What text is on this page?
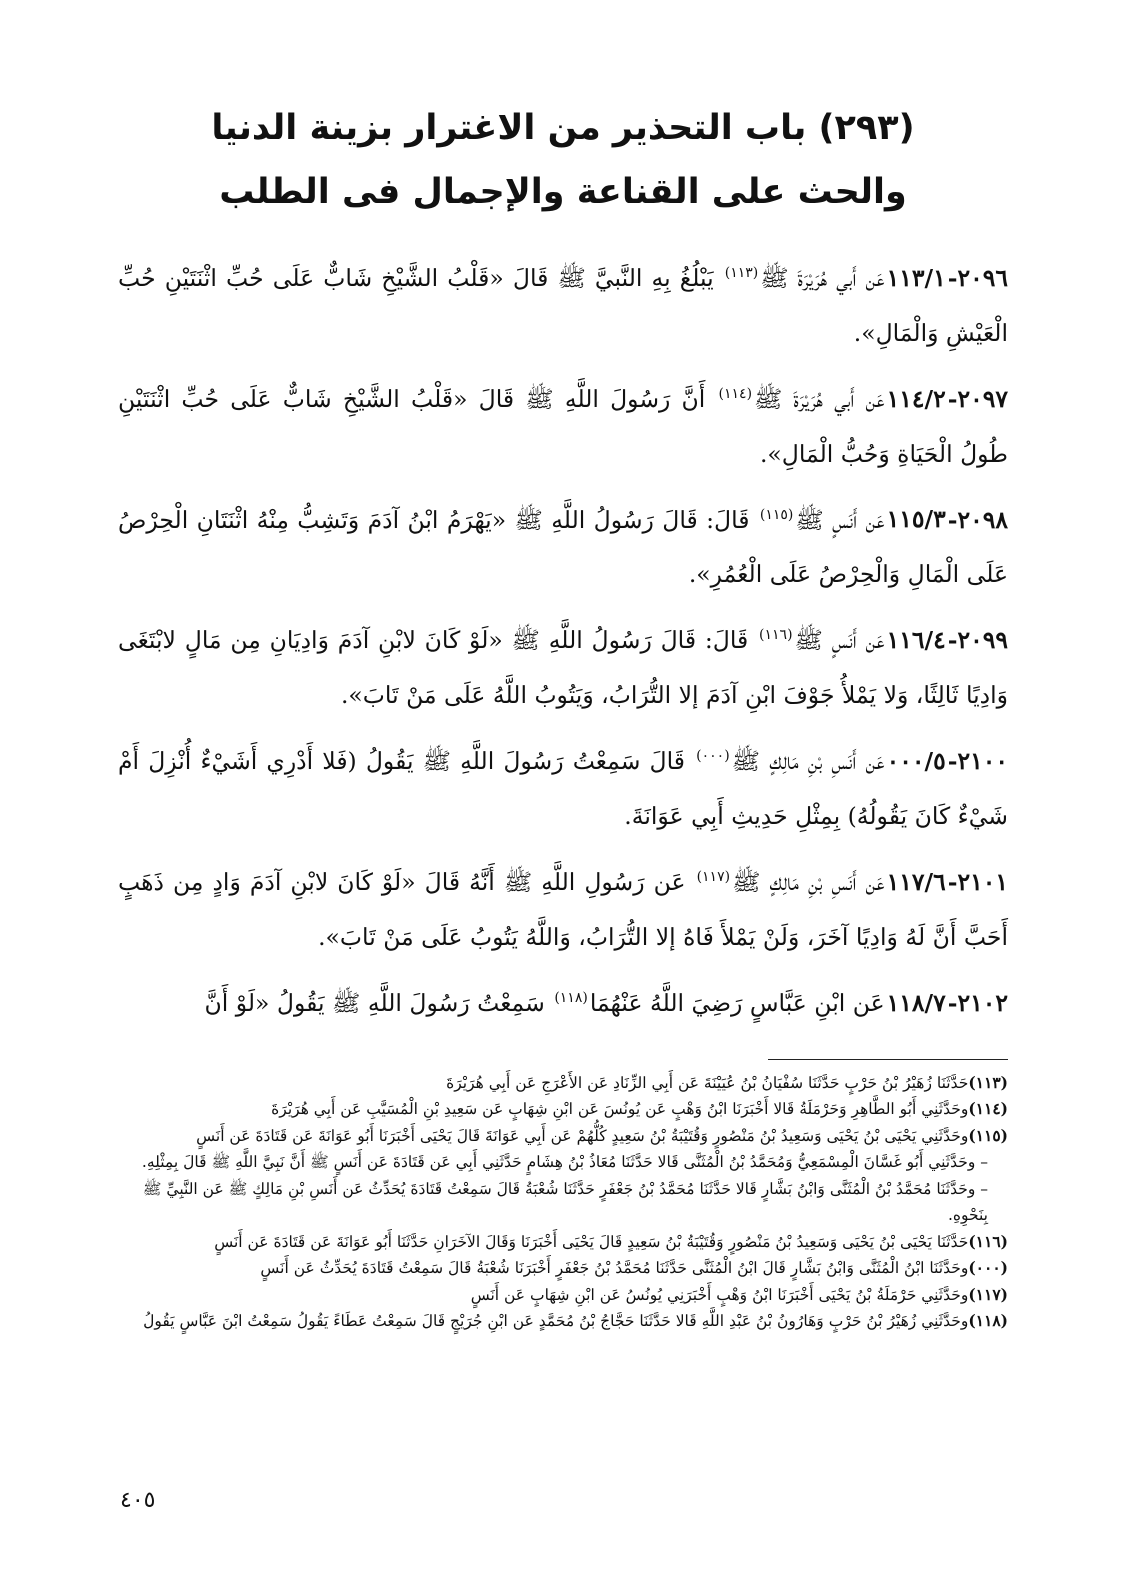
(٢٩٣) باب التحذير من الاغترار بزينة الدنيا
والحث على القناعة والإجمال فى الطلب

٢٠٩٦-١١٣/١عَن أَبي هُرَيْرَةَ ﷺ$^{(١١٣)}$ يَبْلُغُ بِهِ النَّبيَّ ﷺ قَالَ «قَلْبُ الشَّيْخِ شَابٌّ عَلَى حُبِّ اثْنَتَيْنِ حُبِّ الْعَيْشِ وَالْمَالِ».

٢٠٩٧-١١٤/٢عَن أَبي هُرَيْرَةَ ﷺ$^{(١١٤)}$ أَنَّ رَسُولَ اللَّهِ ﷺ قَالَ «قَلْبُ الشَّيْخِ شَابٌّ عَلَى حُبِّ اثْنَتَيْنِ طُولُ الْحَيَاةِ وَحُبُّ الْمَالِ».

٢٠٩٨-١١٥/٣عَن أَنَسٍ ﷺ$^{(١١٥)}$ قَالَ: قَالَ رَسُولُ اللَّهِ ﷺ «يَهْرَمُ ابْنُ آدَمَ وَتَشِبُّ مِنْهُ اثْنَتَانِ الْحِرْصُ عَلَى الْمَالِ وَالْحِرْصُ عَلَى الْعُمُرِ».

٢٠٩٩-١١٦/٤عَن أَنَسٍ ﷺ$^{(١١٦)}$ قَالَ: قَالَ رَسُولُ اللَّهِ ﷺ «لَوْ كَانَ لابْنِ آدَمَ وَادِيَانِ مِن مَالٍ لابْتَغَى وَادِيًا ثَالِثًا، وَلا يَمْلأُ جَوْفَ ابْنِ آدَمَ إلا التُّرَابُ، وَيَتُوبُ اللَّهُ عَلَى مَنْ تَابَ».

٢١٠٠-٠٠٠/٥عَن أَنَسِ بْنِ مَالِكٍ ﷺ$^{(٠٠٠)}$ قَالَ سَمِعْتُ رَسُولَ اللَّهِ ﷺ يَقُولُ (فَلا أَدْرِي أَشَيْءٌ أُنْزِلَ أَمْ شَيْءٌ كَانَ يَقُولُهُ) بِمِثْلِ حَدِيثِ أَبِي عَوَانَةَ.

٢١٠١-١١٧/٦عَن أَنَسِ بْنِ مَالِكٍ ﷺ$^{(١١٧)}$ عَن رَسُولِ اللَّهِ ﷺ أَنَّهُ قَالَ «لَوْ كَانَ لابْنِ آدَمَ وَادٍ مِن ذَهَبٍ أَحَبَّ أَنَّ لَهُ وَادِيًا آخَرَ، وَلَنْ يَمْلأَ فَاهُ إلا التُّرَابُ، وَاللَّهُ يَتُوبُ عَلَى مَنْ تَابَ».

٢١٠٢-١١٨/٧عَن ابْنِ عَبَّاسٍ رَضِيَ اللَّهُ عَنْهُمَا$^{(١١٨)}$ سَمِعْتُ رَسُولَ اللَّهِ ﷺ يَقُولُ «لَوْ أَنَّ

(١١٣)حَدَّثَنَا زُهَيْرُ بْنُ حَرْبٍ حَدَّثَنَا سُفْيَانُ بْنُ عُيَيْنَةَ عَن أَبِي الزِّنَادِ عَن الأَعْرَجِ عَن أَبِي هُرَيْرَةَ

(١١٤)وحَدَّثَنِي أَبُو الطَّاهِرِ وَحَرْمَلَةُ قَالا أَخْبَرَنَا ابْنُ وَهْبٍ عَن يُونُسَ عَن ابْنِ شِهَابٍ عَن سَعِيدِ بْنِ الْمُسَيَّبِ عَن أَبِي هُرَيْرَةَ

(١١٥)وحَدَّثَنِي يَحْيَى بْنُ يَحْيَى وَسَعِيدُ بْنُ مَنْصُورٍ وَقُتَيْبَةُ بْنُ سَعِيدٍ كُلُّهُمْ عَن أَبِي عَوَانَةَ قَالَ يَحْيَى أَخْبَرَنَا أَبُو عَوَانَةَ عَن قَتَادَةَ عَن أَنَسٍ

– وحَدَّثَنِي أَبُو غَسَّانَ الْمِسْمَعِيُّ وَمُحَمَّدُ بْنُ الْمُثَنَّى قَالا حَدَّثَنَا مُعَاذُ بْنُ هِشَامٍ حَدَّثَنِي أَبِي عَن قَتَادَةَ عَن أَنَسٍ ﷺ أَنَّ نَبِيَّ اللَّهِ ﷺ قَالَ بِمِثْلِهِ.

– وحَدَّثَنَا مُحَمَّدُ بْنُ الْمُثَنَّى وَابْنُ بَشَّارٍ قَالا حَدَّثَنَا مُحَمَّدُ بْنُ جَعْفَرٍ حَدَّثَنَا شُعْبَةُ قَالَ سَمِعْتُ قَتَادَةَ يُحَدِّثُ عَن أَنَسِ بْنِ مَالِكٍ ﷺ عَن النَّبِيِّ ﷺ بِنَحْوِهِ.

(١١٦)حَدَّثَنَا يَحْيَى بْنُ يَحْيَى وَسَعِيدُ بْنُ مَنْصُورٍ وَقُتَيْبَةُ بْنُ سَعِيدٍ قَالَ يَحْيَى أَخْبَرَنَا وَقَالَ الآخَرَانِ حَدَّثَنَا أَبُو عَوَانَةَ عَن قَتَادَةَ عَن أَنَسٍ

(٠٠٠)وحَدَّثَنَا ابْنُ الْمُثَنَّى وَابْنُ بَشَّارٍ قَالَ ابْنُ الْمُثَنَّى حَدَّثَنَا مُحَمَّدُ بْنُ جَعْفَرٍ أَخْبَرَنَا شُعْبَةُ قَالَ سَمِعْتُ قَتَادَةَ يُحَدِّثُ عَن أَنَسٍ

(١١٧)وحَدَّثَنِي حَرْمَلَةُ بْنُ يَحْيَى أَخْبَرَنَا ابْنُ وَهْبٍ أَخْبَرَنِي يُونُسُ عَن ابْنِ شِهَابٍ عَن أَنَسٍ

(١١٨)وحَدَّثَنِي زُهَيْرُ بْنُ حَرْبٍ وَهَارُونُ بْنُ عَبْدِ اللَّهِ قَالا حَدَّثَنَا حَجَّاجُ بْنُ مُحَمَّدٍ عَن ابْنِ جُرَيْجٍ قَالَ سَمِعْتُ عَطَاءً يَقُولُ سَمِعْتُ ابْنَ عَبَّاسٍ يَقُولُ

٤٠٥
